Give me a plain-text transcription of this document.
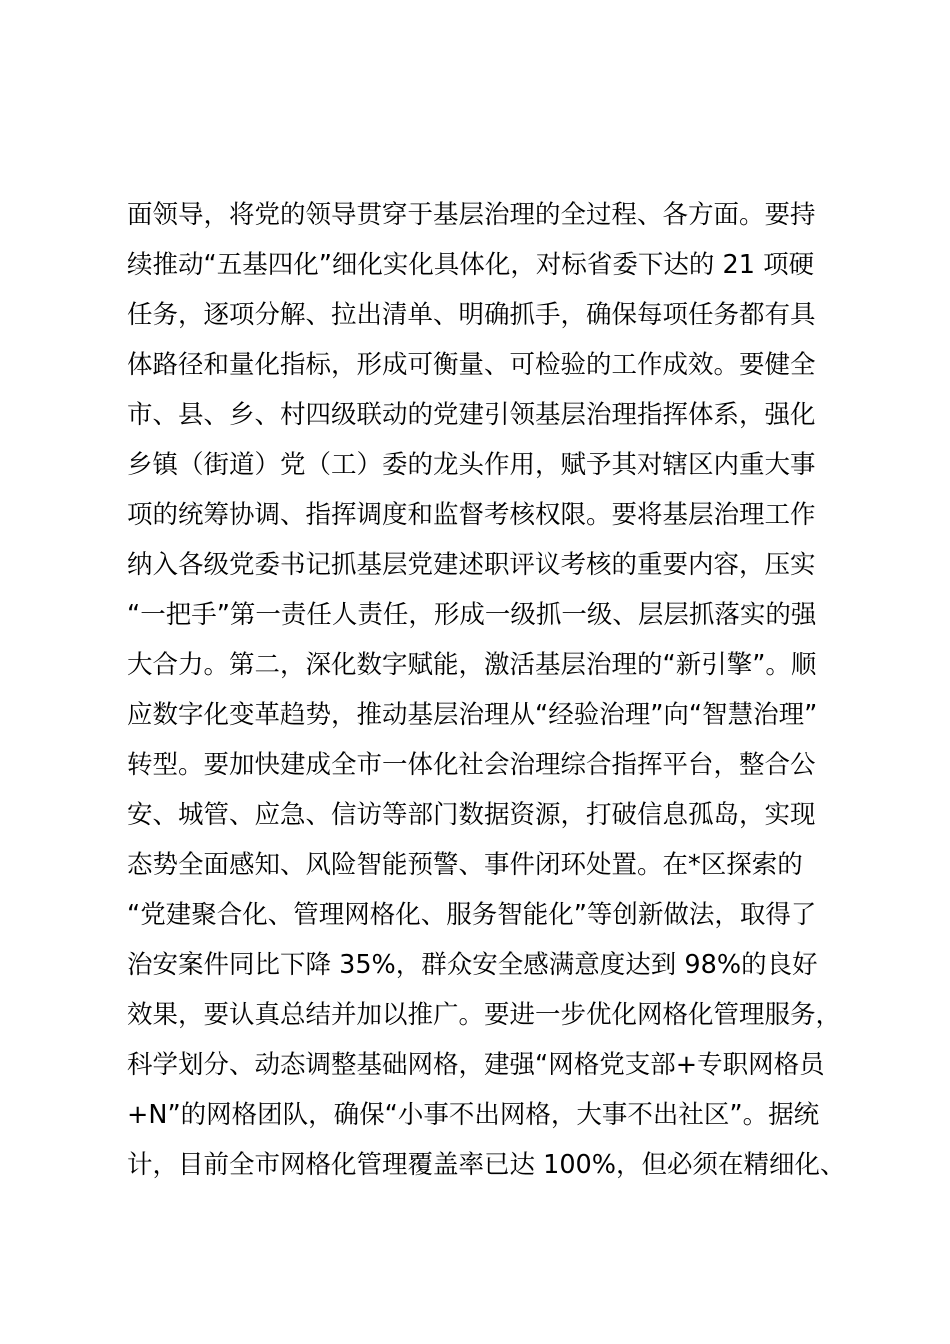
面领导，将党的领导贯穿于基层治理的全过程、各方面。要持
续推动“五基四化”细化实化具体化，对标省委下达的 21 项硬
任务，逐项分解、拉出清单、明确抓手，确保每项任务都有具
体路径和量化指标，形成可衡量、可检验的工作成效。要健全
市、县、乡、村四级联动的党建引领基层治理指挥体系，强化
乡镇（街道）党（工）委的龙头作用，赋予其对辖区内重大事
项的统筹协调、指挥调度和监督考核权限。要将基层治理工作
纳入各级党委书记抓基层党建述职评议考核的重要内容，压实
“一把手”第一责任人责任，形成一级抓一级、层层抓落实的强
大合力。第二，深化数字赋能，激活基层治理的“新引擎”。顺
应数字化变革趋势，推动基层治理从“经验治理”向“智慧治理”
转型。要加快建成全市一体化社会治理综合指挥平台，整合公
安、城管、应急、信访等部门数据资源，打破信息孤岛，实现
态势全面感知、风险智能预警、事件闭环处置。在*区探索的
“党建聚合化、管理网格化、服务智能化”等创新做法，取得了
治安案件同比下降 35%，群众安全感满意度达到 98%的良好
效果，要认真总结并加以推广。要进一步优化网格化管理服务，
科学划分、动态调整基础网格，建强“网格党支部+专职网格员
+N”的网格团队，确保“小事不出网格，大事不出社区”。据统
计，目前全市网格化管理覆盖率已达 100%，但必须在精细化、
